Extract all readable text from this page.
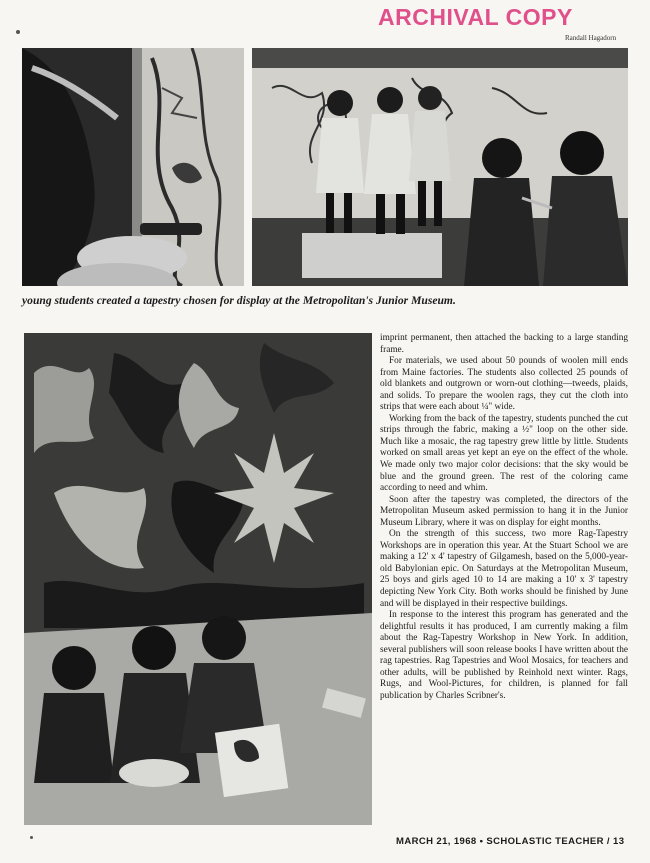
ARCHIVAL COPY
Randall Hagadorn
young students created a tapestry chosen for display at the Metropolitan's Junior Museum.

imprint permanent, then attached the backing to a large standing frame.

For materials, we used about 50 pounds of woolen mill ends from Maine factories. The students also collected 25 pounds of old blankets and outgrown or worn-out clothing—tweeds, plaids, and solids. To prepare the woolen rags, they cut the cloth into strips that were each about ¼" wide.

Working from the back of the tapestry, students punched the cut strips through the fabric, making a ½" loop on the other side. Much like a mosaic, the rag tapestry grew little by little. Students worked on small areas yet kept an eye on the effect of the whole. We made only two major color decisions: that the sky would be blue and the ground green. The rest of the coloring came according to need and whim.

Soon after the tapestry was completed, the directors of the Metropolitan Museum asked permission to hang it in the Junior Museum Library, where it was on display for eight months.

On the strength of this success, two more Rag-Tapestry Workshops are in operation this year. At the Stuart School we are making a 12' x 4' tapestry of Gilgamesh, based on the 5,000-year-old Babylonian epic. On Saturdays at the Metropolitan Museum, 25 boys and girls aged 10 to 14 are making a 10' x 3' tapestry depicting New York City. Both works should be finished by June and will be displayed in their respective buildings.

In response to the interest this program has generated and the delightful results it has produced, I am currently making a film about the Rag-Tapestry Workshop in New York. In addition, several publishers will soon release books I have written about the rag tapestries. Rag Tapestries and Wool Mosaics, for teachers and other adults, will be published by Reinhold next winter. Rags, Rugs, and Wool-Pictures, for children, is planned for fall publication by Charles Scribner's.

MARCH 21, 1968 • SCHOLASTIC TEACHER / 13
